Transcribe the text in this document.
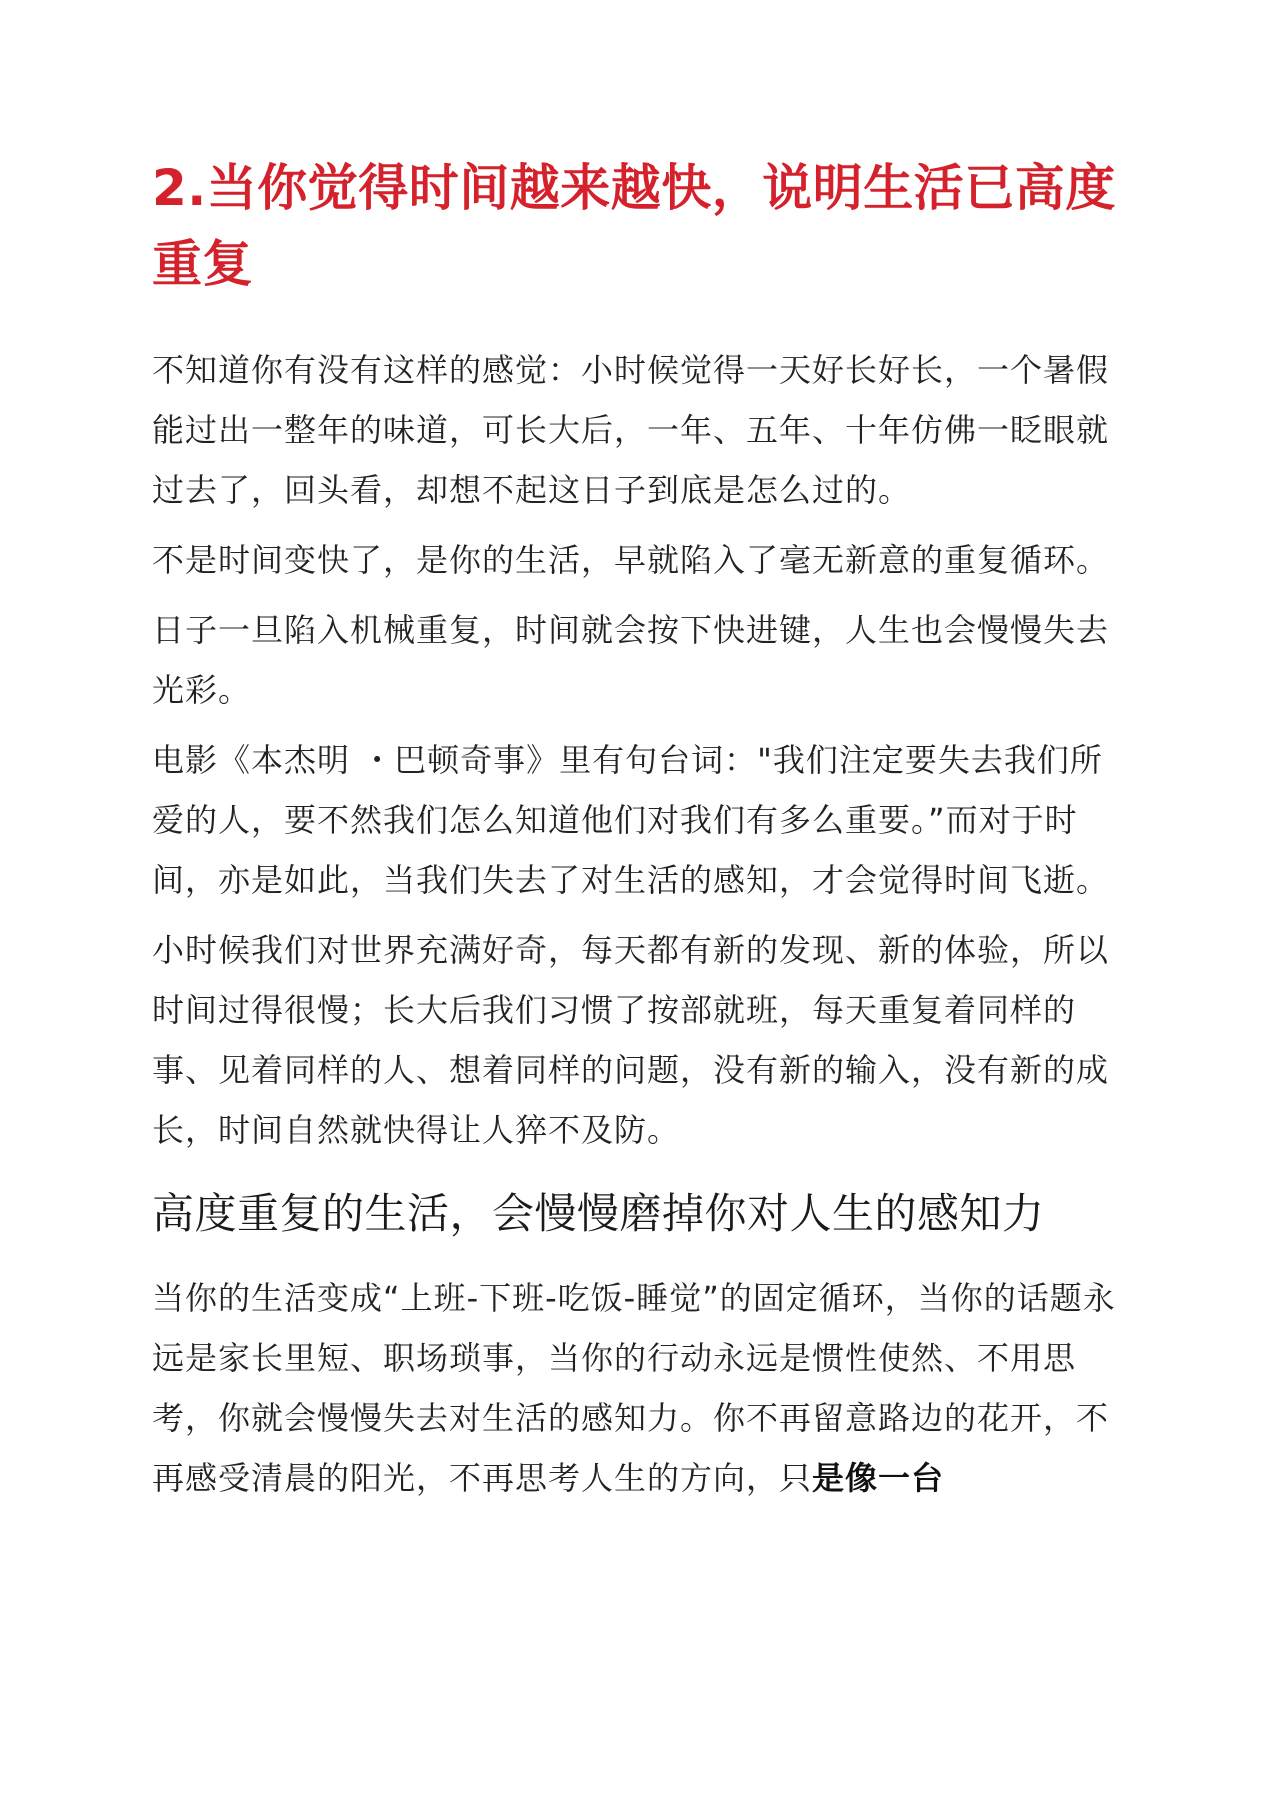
2.当你觉得时间越来越快，说明生活已高度重复

不知道你有没有这样的感觉：小时候觉得一天好长好长，一个暑假能过出一整年的味道，可长大后，一年、五年、十年仿佛一眨眼就过去了，回头看，却想不起这日子到底是怎么过的。

不是时间变快了，是你的生活，早就陷入了毫无新意的重复循环。

日子一旦陷入机械重复，时间就会按下快进键，人生也会慢慢失去光彩。

电影《本杰明 ・巴顿奇事》里有句台词："我们注定要失去我们所爱的人，要不然我们怎么知道他们对我们有多么重要。”而对于时间，亦是如此，当我们失去了对生活的感知，才会觉得时间飞逝。

小时候我们对世界充满好奇，每天都有新的发现、新的体验，所以时间过得很慢；长大后我们习惯了按部就班，每天重复着同样的事、见着同样的人、想着同样的问题，没有新的输入，没有新的成长，时间自然就快得让人猝不及防。

高度重复的生活，会慢慢磨掉你对人生的感知力

当你的生活变成“上班-下班-吃饭-睡觉”的固定循环，当你的话题永远是家长里短、职场琐事，当你的行动永远是惯性使然、不用思考，你就会慢慢失去对生活的感知力。你不再留意路边的花开，不再感受清晨的阳光，不再思考人生的方向，只是像一台
